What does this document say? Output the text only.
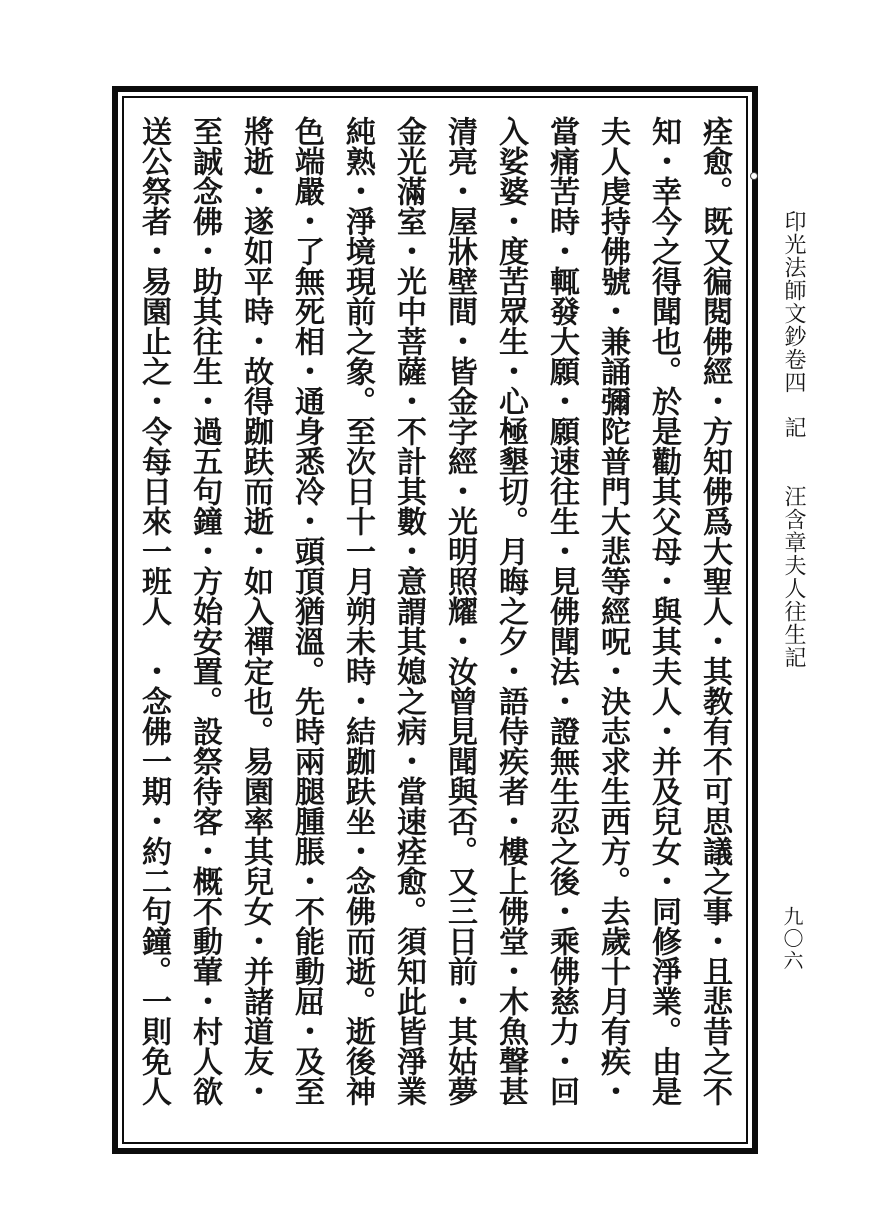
痊愈。既又徧閱佛經・方知佛爲大聖人・其教有不可思議之事・且悲昔之不
知・幸今之得聞也。於是勸其父母・與其夫人・并及兒女・同修淨業。由是
夫人虔持佛號・兼誦彌陀普門大悲等經呪・決志求生西方。去歲十月有疾・
當痛苦時・輒發大願・願速往生・見佛聞法・證無生忍之後・乘佛慈力・回
入娑婆・度苦眾生・心極墾切。月晦之夕・語侍疾者・樓上佛堂・木魚聲甚
清亮・屋牀壁間・皆金字經・光明照耀・汝曾見聞與否。又三日前・其姑夢
金光滿室・光中菩薩・不計其數・意謂其媳之病・當速痊愈。須知此皆淨業
純熟・淨境現前之象。至次日十一月朔未時・結跏趺坐・念佛而逝。逝後神
色端嚴・了無死相・通身悉冷・頭頂猶溫。先時兩腿腫脹・不能動屈・及至
將逝・遂如平時・故得跏趺而逝・如入禪定也。易園率其兒女・并諸道友・
至誠念佛・助其往生・過五句鐘・方始安置。設祭待客・概不動葷・村人欲
送公祭者・易園止之・令每日來一班人　・念佛一期・約二句鐘。一則免人	印光法師文鈔卷四記汪含章夫人往生記
九〇六
